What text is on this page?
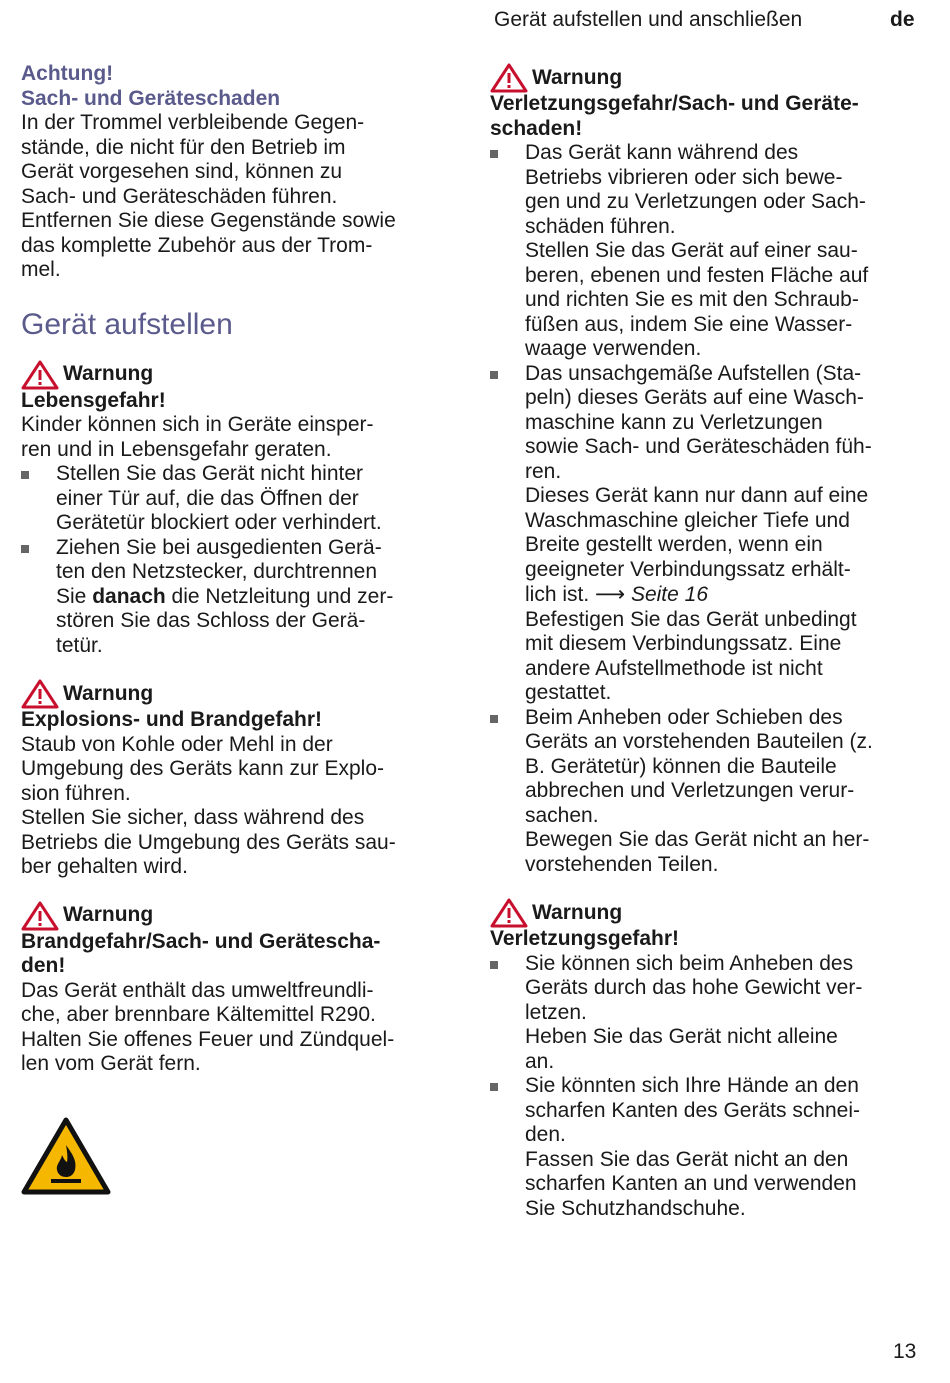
Gerät aufstellen und anschließen	de
Achtung!
Sach- und Geräteschaden
In der Trommel verbleibende Gegen-
stände, die nicht für den Betrieb im
Gerät vorgesehen sind, können zu
Sach- und Geräteschäden führen.
Entfernen Sie diese Gegenstände sowie
das komplette Zubehör aus der Trom-
mel.
Gerät aufstellen
Warnung
Lebensgefahr!
Kinder können sich in Geräte einsper-
ren und in Lebensgefahr geraten.
Stellen Sie das Gerät nicht hinter
einer Tür auf, die das Öffnen der
Gerätetür blockiert oder verhindert.
Ziehen Sie bei ausgedienten Gerä-
ten den Netzstecker, durchtrennen
Sie danach die Netzleitung und zer-
stören Sie das Schloss der Gerä-
tetür.
Warnung
Explosions- und Brandgefahr!
Staub von Kohle oder Mehl in der
Umgebung des Geräts kann zur Explo-
sion führen.
Stellen Sie sicher, dass während des
Betriebs die Umgebung des Geräts sau-
ber gehalten wird.
Warnung
Brandgefahr/Sach- und Geräteschа-
den!
Das Gerät enthält das umweltfreundli-
che, aber brennbare Kältemittel R290.
Halten Sie offenes Feuer und Zündquel-
len vom Gerät fern.
Warnung
Verletzungsgefahr/Sach- und Geräte-
schaden!
Das Gerät kann während des
Betriebs vibrieren oder sich bewe-
gen und zu Verletzungen oder Sach-
schäden führen.
Stellen Sie das Gerät auf einer sau-
beren, ebenen und festen Fläche auf
und richten Sie es mit den Schraub-
füßen aus, indem Sie eine Wasser-
waage verwenden.
Das unsachgemäße Aufstellen (Sta-
peln) dieses Geräts auf eine Wasch-
maschine kann zu Verletzungen
sowie Sach- und Geräteschäden füh-
ren.
Dieses Gerät kann nur dann auf eine
Waschmaschine gleicher Tiefe und
Breite gestellt werden, wenn ein
geeigneter Verbindungssatz erhält-
lich ist. ⟶ Seite 16
Befestigen Sie das Gerät unbedingt
mit diesem Verbindungssatz. Eine
andere Aufstellmethode ist nicht
gestattet.
Beim Anheben oder Schieben des
Geräts an vorstehenden Bauteilen (z.
B. Gerätetür) können die Bauteile
abbrechen und Verletzungen verur-
sachen.
Bewegen Sie das Gerät nicht an her-
vorstehenden Teilen.
Warnung
Verletzungsgefahr!
Sie können sich beim Anheben des
Geräts durch das hohe Gewicht ver-
letzen.
Heben Sie das Gerät nicht alleine
an.
Sie könnten sich Ihre Hände an den
scharfen Kanten des Geräts schnei-
den.
Fassen Sie das Gerät nicht an den
scharfen Kanten an und verwenden
Sie Schutzhandschuhe.
13
